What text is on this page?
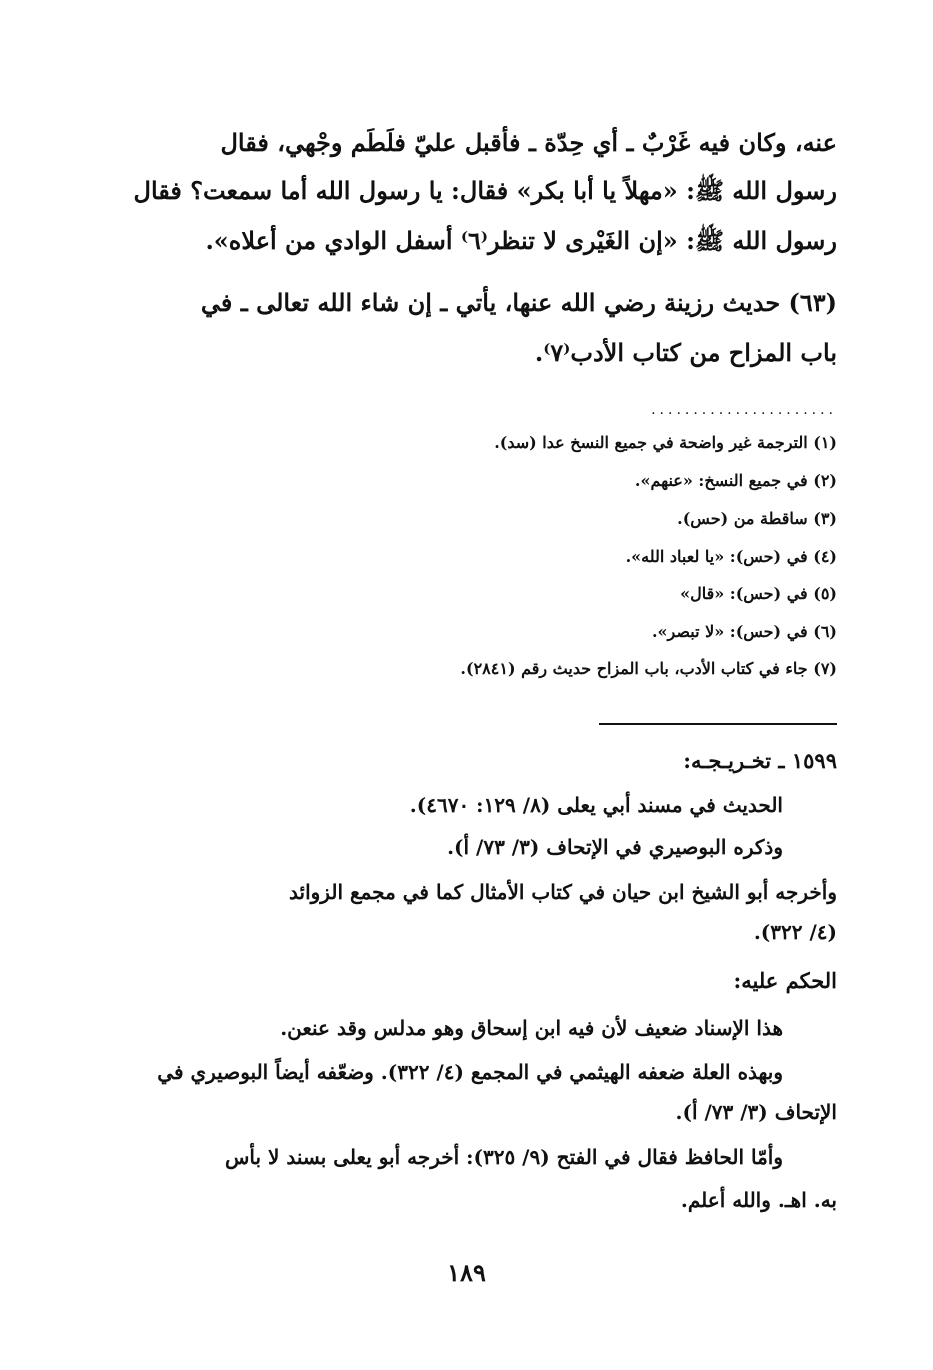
عنه، وكان فيه غَرْبٌ ـ أي حِدّة ـ فأقبل عليّ فلَطَم وجْهي، فقال
رسول الله ﷺ: «مهلاً يا أبا بكر» فقال: يا رسول الله أما سمعت؟ فقال
رسول الله ﷺ: «إن الغَيْرى لا تنظر⁽٦⁾ أسفل الوادي من أعلاه».
(٦٣) حديث رزينة رضي الله عنها، يأتي ـ إن شاء الله تعالى ـ في
باب المزاح من كتاب الأدب⁽٧⁾.
......................
(١) الترجمة غير واضحة في جميع النسخ عدا (سد).
(٢) في جميع النسخ: «عنهم».
(٣) ساقطة من (حس).
(٤) في (حس): «يا لعباد الله».
(٥) في (حس): «قال»
(٦) في (حس): «لا تبصر».
(٧) جاء في كتاب الأدب، باب المزاح حديث رقم (٢٨٤١).
١٥٩٩ ـ تخـريـجـه:
الحديث في مسند أبي يعلى (٨/ ١٢٩: ٤٦٧٠).
وذكره البوصيري في الإتحاف (٣/ ٧٣/ أ).
وأخرجه أبو الشيخ ابن حيان في كتاب الأمثال كما في مجمع الزوائد
(٤/ ٣٢٢).
الحكم عليه:
هذا الإسناد ضعيف لأن فيه ابن إسحاق وهو مدلس وقد عنعن.
وبهذه العلة ضعفه الهيثمي في المجمع (٤/ ٣٢٢). وضعّفه أيضاً البوصيري في
الإتحاف (٣/ ٧٣/ أ).
وأمّا الحافظ فقال في الفتح (٩/ ٣٢٥): أخرجه أبو يعلى بسند لا بأس
به. اهـ. والله أعلم.
١٨٩
